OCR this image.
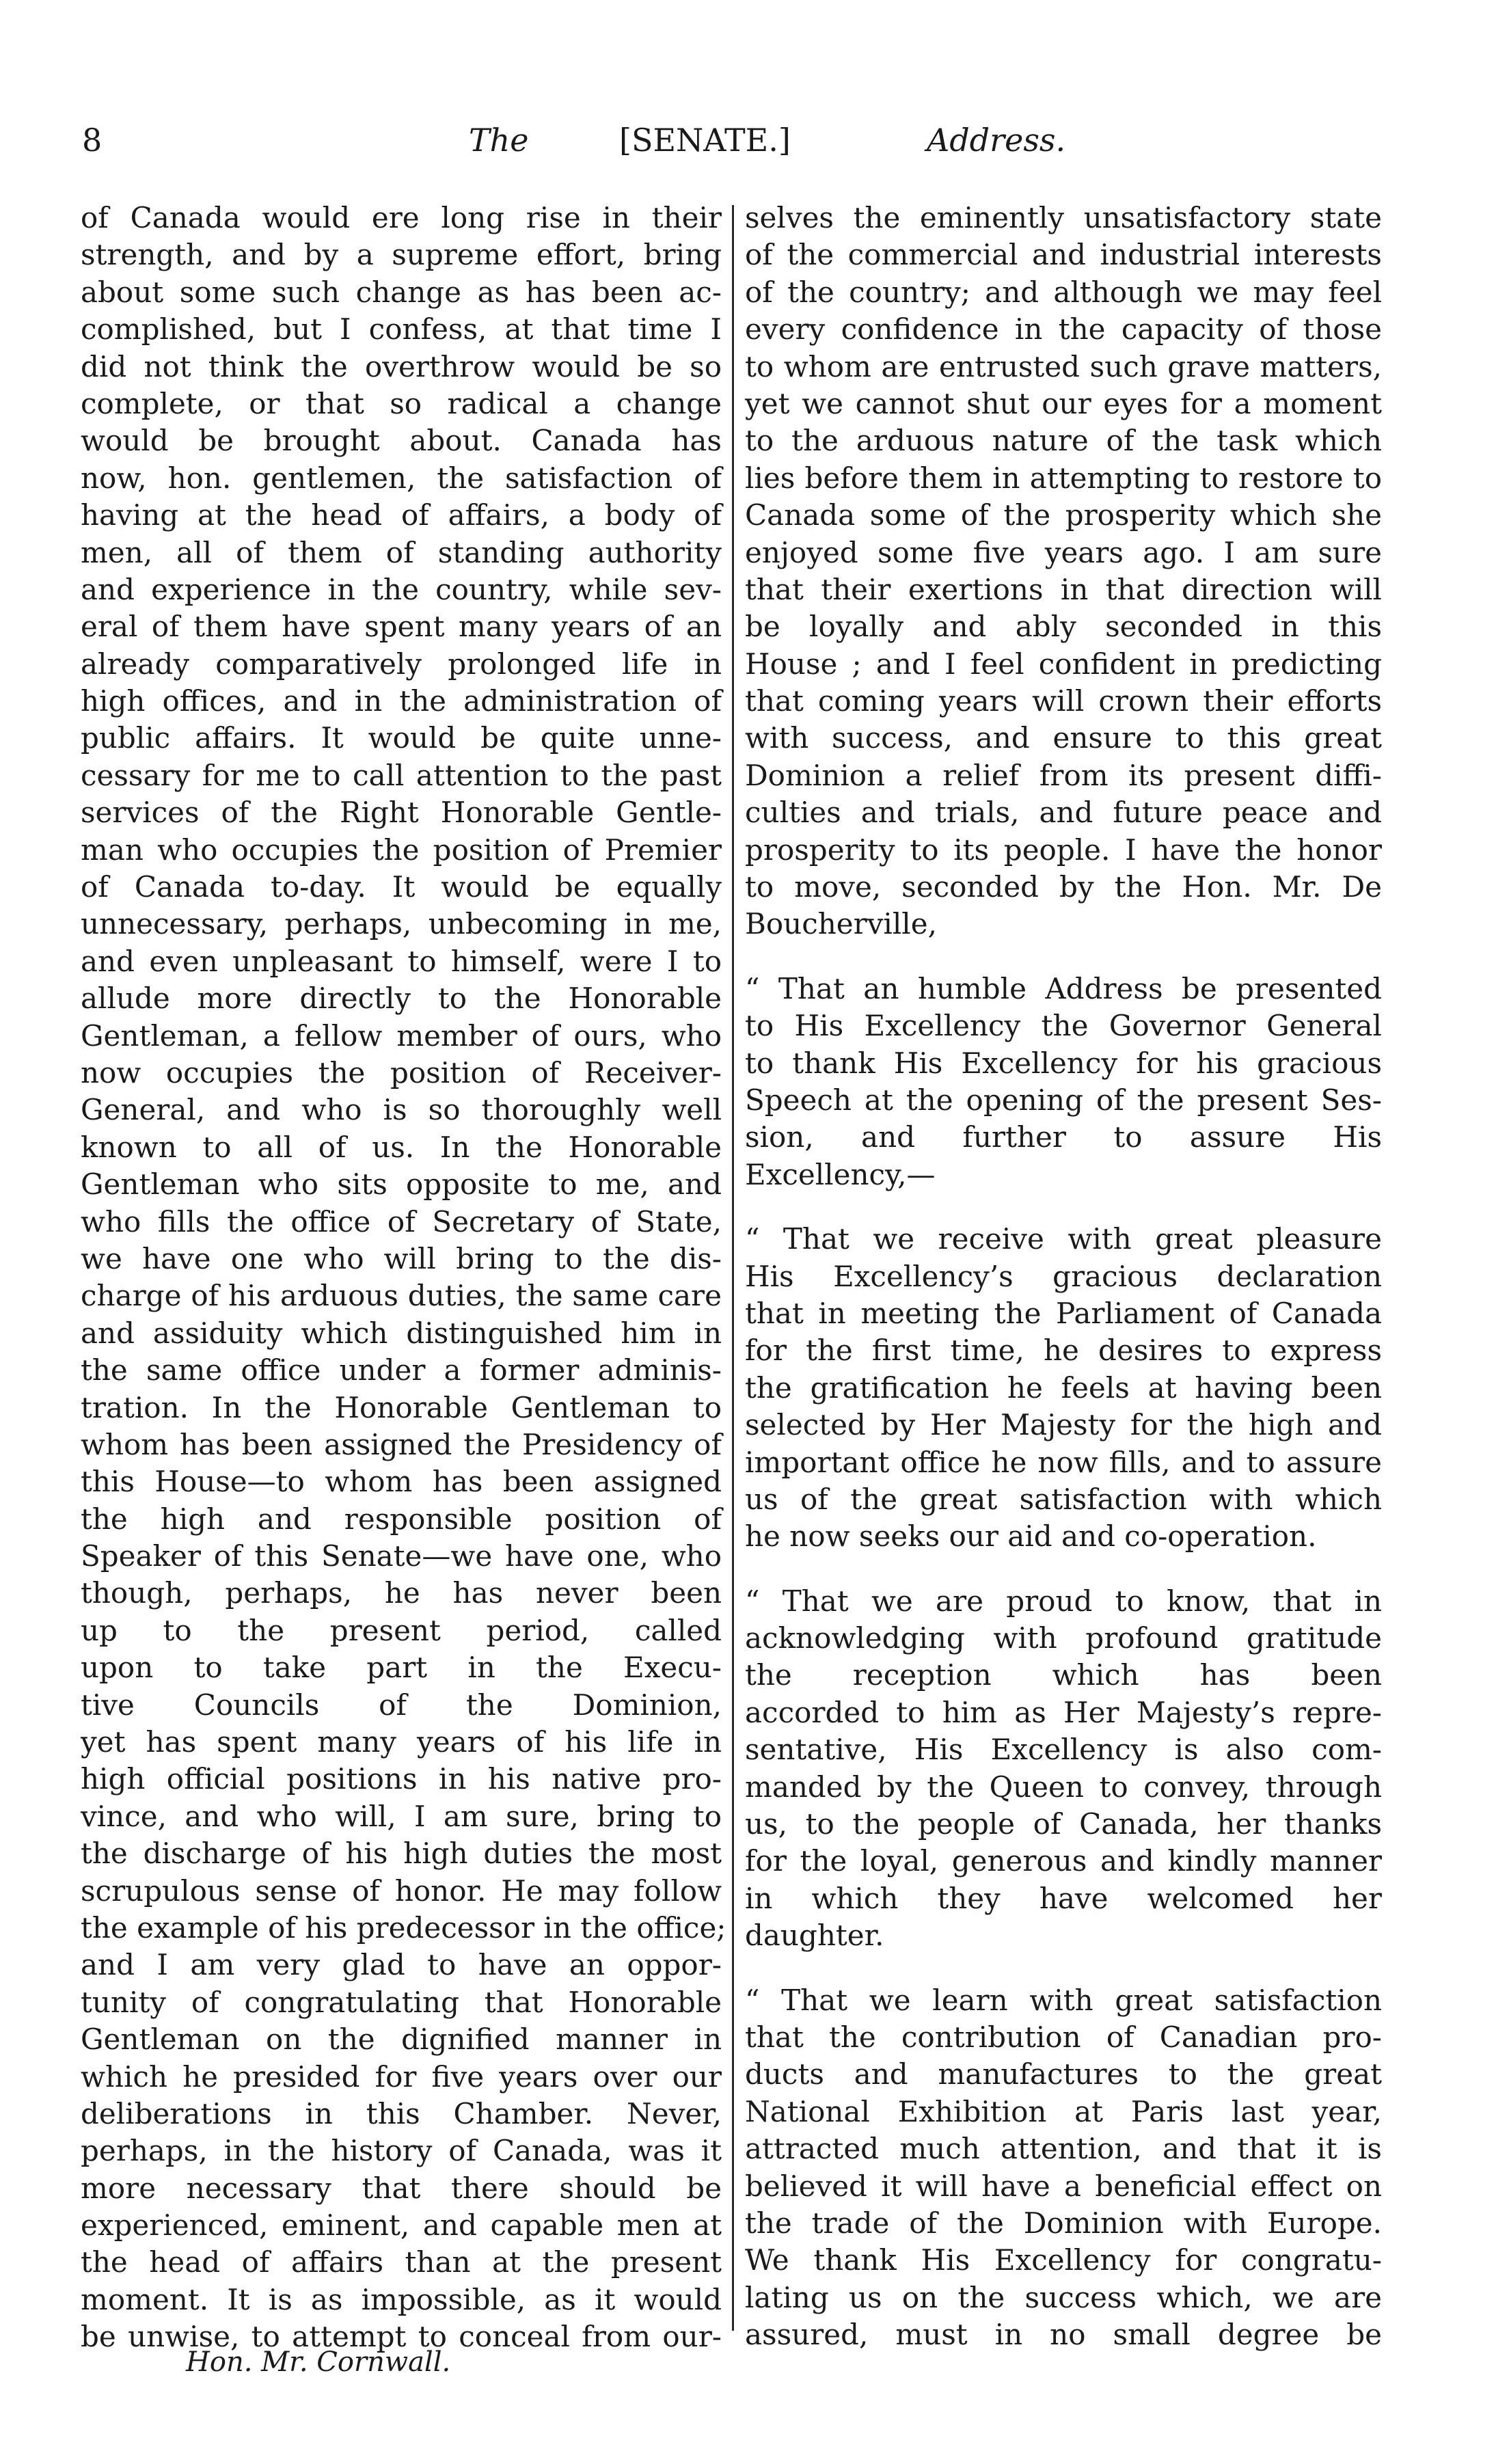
8	The	[SENATE.]	Address.
of Canada would ere long rise in their
strength, and by a supreme effort, bring
about some such change as has been ac-
complished, but I confess, at that time I
did not think the overthrow would be so
complete, or that so radical a change
would be brought about. Canada has
now, hon. gentlemen, the satisfaction of
having at the head of affairs, a body of
men, all of them of standing authority
and experience in the country, while sev-
eral of them have spent many years of an
already comparatively prolonged life in
high offices, and in the administration of
public affairs. It would be quite unne-
cessary for me to call attention to the past
services of the Right Honorable Gentle-
man who occupies the position of Premier
of Canada to-day. It would be equally
unnecessary, perhaps, unbecoming in me,
and even unpleasant to himself, were I to
allude more directly to the Honorable
Gentleman, a fellow member of ours, who
now occupies the position of Receiver-
General, and who is so thoroughly well
known to all of us. In the Honorable
Gentleman who sits opposite to me, and
who fills the office of Secretary of State,
we have one who will bring to the dis-
charge of his arduous duties, the same care
and assiduity which distinguished him in
the same office under a former adminis-
tration. In the Honorable Gentleman to
whom has been assigned the Presidency of
this House—to whom has been assigned
the high and responsible position of
Speaker of this Senate—we have one, who
though, perhaps, he has never been
up to the present period, called
upon to take part in the Execu-
tive Councils of the Dominion,
yet has spent many years of his life in
high official positions in his native pro-
vince, and who will, I am sure, bring to
the discharge of his high duties the most
scrupulous sense of honor. He may follow
the example of his predecessor in the office;
and I am very glad to have an oppor-
tunity of congratulating that Honorable
Gentleman on the dignified manner in
which he presided for five years over our
deliberations in this Chamber. Never,
perhaps, in the history of Canada, was it
more necessary that there should be
experienced, eminent, and capable men at
the head of affairs than at the present
moment. It is as impossible, as it would
be unwise, to attempt to conceal from our-
selves the eminently unsatisfactory state
of the commercial and industrial interests
of the country; and although we may feel
every confidence in the capacity of those
to whom are entrusted such grave matters,
yet we cannot shut our eyes for a moment
to the arduous nature of the task which
lies before them in attempting to restore to
Canada some of the prosperity which she
enjoyed some five years ago. I am sure
that their exertions in that direction will
be loyally and ably seconded in this
House ; and I feel confident in predicting
that coming years will crown their efforts
with success, and ensure to this great
Dominion a relief from its present diffi-
culties and trials, and future peace and
prosperity to its people. I have the honor
to move, seconded by the Hon. Mr. De
Boucherville,
“ That an humble Address be presented
to His Excellency the Governor General
to thank His Excellency for his gracious
Speech at the opening of the present Ses-
sion, and further to assure His
Excellency,—
“ That we receive with great pleasure
His Excellency’s gracious declaration
that in meeting the Parliament of Canada
for the first time, he desires to express
the gratification he feels at having been
selected by Her Majesty for the high and
important office he now fills, and to assure
us of the great satisfaction with which
he now seeks our aid and co-operation.
“ That we are proud to know, that in
acknowledging with profound gratitude
the reception which has been
accorded to him as Her Majesty’s repre-
sentative, His Excellency is also com-
manded by the Queen to convey, through
us, to the people of Canada, her thanks
for the loyal, generous and kindly manner
in which they have welcomed her
daughter.
“ That we learn with great satisfaction
that the contribution of Canadian pro-
ducts and manufactures to the great
National Exhibition at Paris last year,
attracted much attention, and that it is
believed it will have a beneficial effect on
the trade of the Dominion with Europe.
We thank His Excellency for congratu-
lating us on the success which, we are
assured, must in no small degree be
Hon. Mr. Cornwall.
